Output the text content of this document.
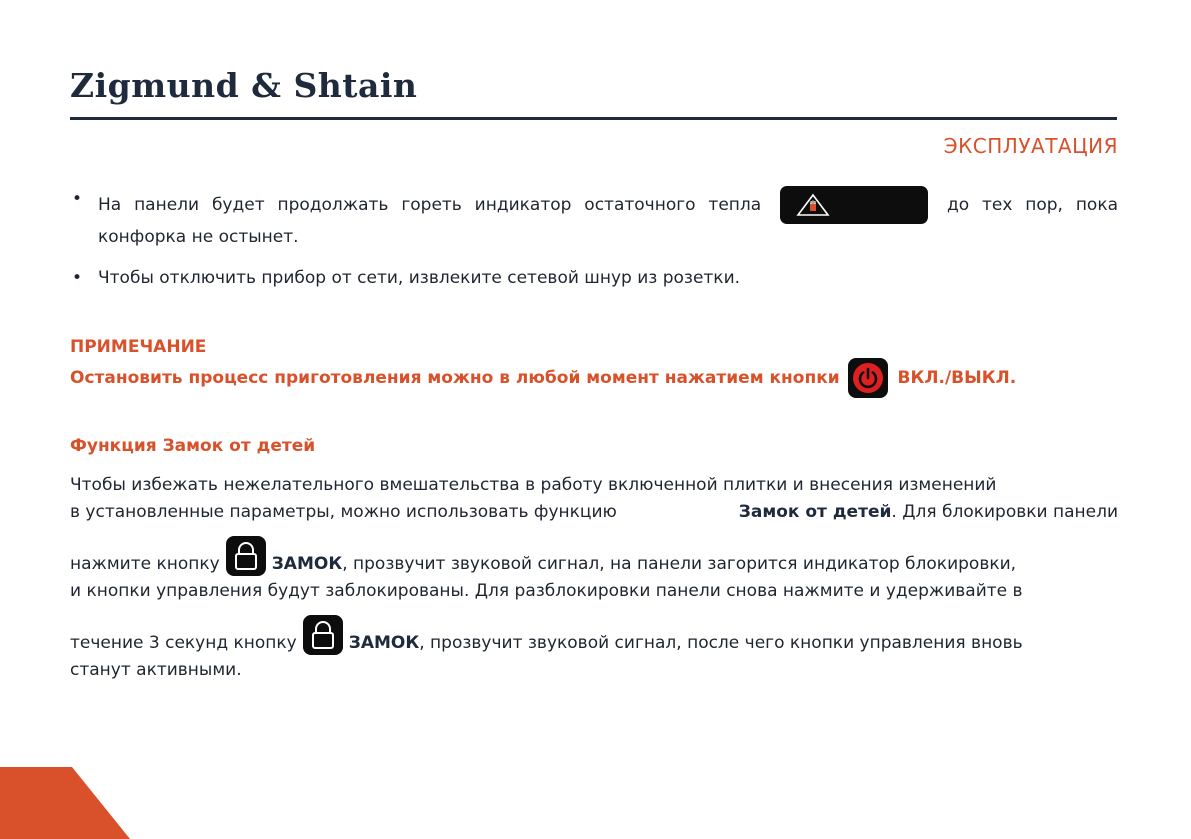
Zigmund & Shtain
ЭКСПЛУАТАЦИЯ
• На панели будет продолжать гореть индикатор остаточного тепла	до тех пор, пока конфорка не остынет.
• Чтобы отключить прибор от сети, извлеките сетевой шнур из розетки.
ПРИМЕЧАНИЕ
Остановить процесс приготовления можно в любой момент нажатием кнопки	ВКЛ./ВЫКЛ.
Функция Замок от детей
Чтобы избежать нежелательного вмешательства в работу включенной плитки и внесения изменений
в установленные параметры, можно использовать функцию	Замок от детей. Для блокировки панели
нажмите кнопку	ЗАМОК, прозвучит звуковой сигнал, на панели загорится индикатор блокировки,
и кнопки управления будут заблокированы. Для разблокировки панели снова нажмите и удерживайте в
течение 3 секунд кнопку	ЗАМОК, прозвучит звуковой сигнал, после чего кнопки управления вновь
станут активными.
